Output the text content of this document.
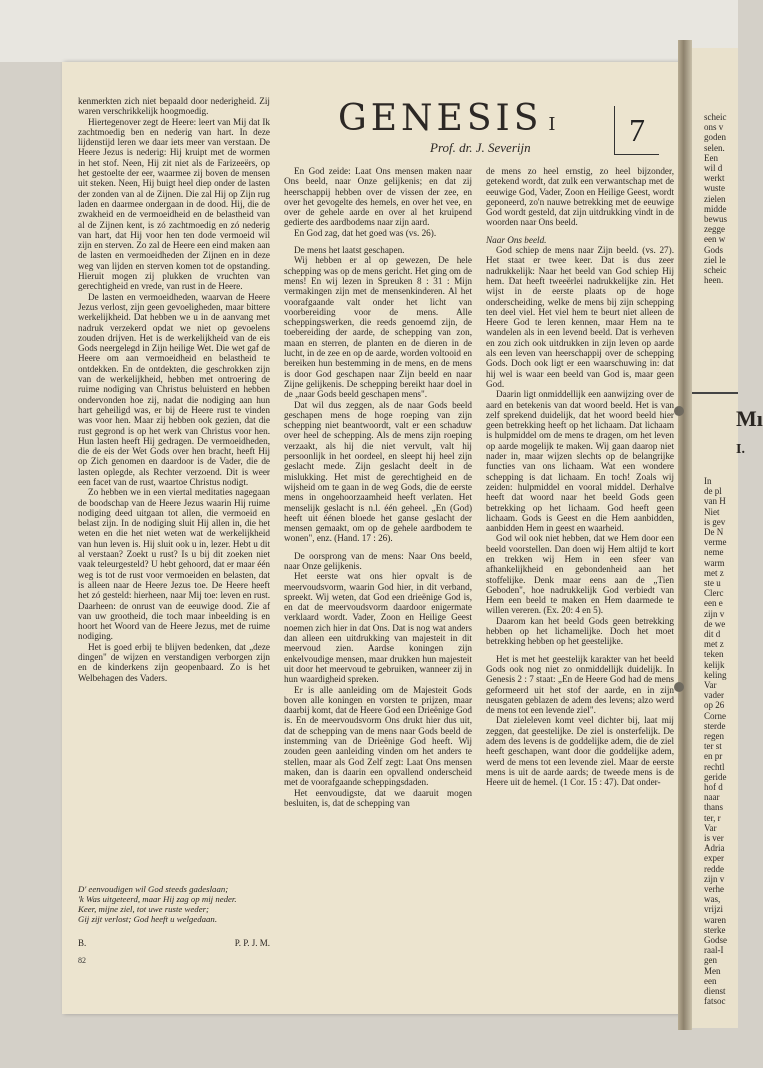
scheic
ons v
goden
selen.
Een
wil d
werkt
wuste
zielen
midde
bewus
zegge
een w
Gods
ziel le
scheic
heen.
Mı
I.
In
de pl
van H
Niet
is gev
De N
verme
neme
warm
met z
ste u
Clerc
een e
zijn v
de we
dit d
met z
teken
kelijk
keling
Var
vader
op 26
Corne
sterde
regen
ter st
en pr
rechtl
geride
hof d
naar
thans
ter, r
Var
is ver
Adria
exper
redde
zijn v
verhe
was,
vrijzi
waren
sterke
Godse
raal-I
gen
Men
een
dienst
fatsoc
GENESIS I
Prof. dr. J. Severijn	7

kenmerkten zich niet bepaald door nederigheid. Zij waren verschrikkelijk hoogmoedig.

Hiertegenover zegt de Heere: leert van Mij dat Ik zachtmoedig ben en nederig van hart. In deze lijdenstijd leren we daar iets meer van verstaan. De Heere Jezus is nederig: Hij kruipt met de wormen in het stof. Neen, Hij zit niet als de Farizeeërs, op het gestoelte der eer, waarmee zij boven de mensen uit steken. Neen, Hij buigt heel diep onder de lasten der zonden van al de Zijnen. Die zal Hij op Zijn rug laden en daarmee ondergaan in de dood. Hij, die de zwakheid en de vermoeidheid en de belastheid van al de Zijnen kent, is zó zachtmoedig en zó nederig van hart, dat Hij voor hen ten dode vermoeid wil zijn en sterven. Zo zal de Heere een eind maken aan de lasten en vermoeidheden der Zijnen en in deze weg van lijden en sterven komen tot de opstanding. Hieruit mogen zij plukken de vruchten van gerechtigheid en vrede, van rust in de Heere.

De lasten en vermoeidheden, waarvan de Heere Jezus verlost, zijn geen gevoeligheden, maar bittere werkelijkheid. Dat hebben we u in de aanvang met nadruk verzekerd opdat we niet op gevoelens zouden drijven. Het is de werkelijkheid van de eis Gods neergelegd in Zijn heilige Wet. Die wet gaf de Heere om aan vermoeidheid en belastheid te ontdekken. En de ontdekten, die geschrokken zijn van de werkelijkheid, hebben met ontroering de ruime nodiging van Christus beluisterd en hebben ondervonden hoe zij, nadat die nodiging aan hun hart geheiligd was, er bij de Heere rust te vinden was voor hen. Maar zij hebben ook gezien, dat die rust gegrond is op het werk van Christus voor hen. Hun lasten heeft Hij gedragen. De vermoeidheden, die de eis der Wet Gods over hen bracht, heeft Hij op Zich genomen en daardoor is de Vader, die de lasten oplegde, als Rechter verzoend. Dit is weer een facet van de rust, waartoe Christus nodigt.

Zo hebben we in een viertal meditaties nagegaan de boodschap van de Heere Jezus waarin Hij ruime nodiging deed uitgaan tot allen, die vermoeid en belast zijn. In de nodiging sluit Hij allen in, die het weten en die het niet weten wat de werkelijkheid van hun leven is. Hij sluit ook u in, lezer. Hebt u dit al verstaan? Zoekt u rust? Is u bij dit zoeken niet vaak teleurgesteld? U hebt gehoord, dat er maar één weg is tot de rust voor vermoeiden en belasten, dat is alleen naar de Heere Jezus toe. De Heere heeft het zó gesteld: hierheen, naar Mij toe: leven en rust. Daarheen: de onrust van de eeuwige dood. Zie af van uw grootheid, die toch maar inbeelding is en hoort het Woord van de Heere Jezus, met de ruime nodiging.

Het is goed erbij te blijven bedenken, dat „deze dingen" de wijzen en verstandigen verborgen zijn en de kinderkens zijn geopenbaard. Zo is het Welbehagen des Vaders.

D' eenvoudigen wil God steeds gadeslaan;
'k Was uitgeteerd, maar Hij zag op mij neder.
Keer, mijne ziel, tot uwe ruste weder;
Gij zijt verlost; God heeft u welgedaan.
B.	P. P. J. M.
82

En God zeide: Laat Ons mensen maken naar Ons beeld, naar Onze gelijkenis; en dat zij heerschappij hebben over de vissen der zee, en over het gevogelte des hemels, en over het vee, en over de gehele aarde en over al het kruipend gedierte des aardbodems naar zijn aard.

En God zag, dat het goed was (vs. 26).

De mens het laatst geschapen.

Wij hebben er al op gewezen, De hele schepping was op de mens gericht. Het ging om de mens! En wij lezen in Spreuken 8 : 31 : Mijn vermakingen zijn met de mensenkinderen. Al het voorafgaande valt onder het licht van voorbereiding voor de mens. Alle scheppingswerken, die reeds genoemd zijn, de toebereiding der aarde, de schepping van zon, maan en sterren, de planten en de dieren in de lucht, in de zee en op de aarde, worden voltooid en bereiken hun bestemming in de mens, en de mens is door God geschapen naar Zijn beeld en naar Zijne gelijkenis. De schepping bereikt haar doel in de „naar Gods beeld geschapen mens".

Dat wil dus zeggen, als de naar Gods beeld geschapen mens de hoge roeping van zijn schepping niet beantwoordt, valt er een schaduw over heel de schepping. Als de mens zijn roeping verzaakt, als hij die niet vervult, valt hij persoonlijk in het oordeel, en sleept hij heel zijn geslacht mede. Zijn geslacht deelt in de mislukking. Het mist de gerechtigheid en de wijsheid om te gaan in de weg Gods, die de eerste mens in ongehoorzaamheid heeft verlaten. Het menselijk geslacht is n.l. één geheel. „En (God) heeft uit éénen bloede het ganse geslacht der mensen gemaakt, om op de gehele aardbodem te wonen", enz. (Hand. 17 : 26).

De oorsprong van de mens: Naar Ons beeld, naar Onze gelijkenis.

Het eerste wat ons hier opvalt is de meervoudsvorm, waarin God hier, in dit verband, spreekt. Wij weten, dat God een drieënige God is, en dat de meervoudsvorm daardoor enigermate verklaard wordt. Vader, Zoon en Heilige Geest noemen zich hier in dat Ons. Dat is nog wat anders dan alleen een uitdrukking van majesteit in dit meervoud zien. Aardse koningen zijn enkelvoudige mensen, maar drukken hun majesteit uit door het meervoud te gebruiken, wanneer zij in hun waardigheid spreken.

Er is alle aanleiding om de Majesteit Gods boven alle koningen en vorsten te prijzen, maar daarbij komt, dat de Heere God een Drieënige God is. En de meervoudsvorm Ons drukt hier dus uit, dat de schepping van de mens naar Gods beeld de instemming van de Drieënige God heeft. Wij zouden geen aanleiding vinden om het anders te stellen, maar als God Zelf zegt: Laat Ons mensen maken, dan is daarin een opvallend onderscheid met de voorafgaande scheppingsdaden.

Het eenvoudigste, dat we daaruit mogen besluiten, is, dat de schepping van

de mens zo heel ernstig, zo heel bijzonder, getekend wordt, dat zulk een verwantschap met de eeuwige God, Vader, Zoon en Heilige Geest, wordt geponeerd, zo'n nauwe betrekking met de eeuwige God wordt gesteld, dat zijn uitdrukking vindt in de woorden naar Ons beeld.

Naar Ons beeld.

God schiep de mens naar Zijn beeld. (vs. 27). Het staat er twee keer. Dat is dus zeer nadrukkelijk: Naar het beeld van God schiep Hij hem. Dat heeft tweeërlei nadrukkelijke zin. Het wijst in de eerste plaats op de hoge onderscheiding, welke de mens bij zijn schepping ten deel viel. Het viel hem te beurt niet alleen de Heere God te leren kennen, maar Hem na te wandelen als in een levend beeld. Dat is verheven en zou zich ook uitdrukken in zijn leven op aarde als een leven van heerschappij over de schepping Gods. Doch ook ligt er een waarschuwing in: dat hij wel is waar een beeld van God is, maar geen God.

Daarin ligt onmiddellijk een aanwijzing over de aard en betekenis van dat woord beeld. Het is van zelf sprekend duidelijk, dat het woord beeld hier geen betrekking heeft op het lichaam. Dat lichaam is hulpmiddel om de mens te dragen, om het leven op aarde mogelijk te maken. Wij gaan daarop niet nader in, maar wijzen slechts op de belangrijke functies van ons lichaam. Wat een wondere schepping is dat lichaam. En toch! Zoals wij zeiden: hulpmiddel en vooral middel. Derhalve heeft dat woord naar het beeld Gods geen betrekking op het lichaam. God heeft geen lichaam. Gods is Geest en die Hem aanbidden, aanbidden Hem in geest en waarheid.

God wil ook niet hebben, dat we Hem door een beeld voorstellen. Dan doen wij Hem altijd te kort en trekken wij Hem in een sfeer van afhankelijkheid en gebondenheid aan het stoffelijke. Denk maar eens aan de „Tien Geboden", hoe nadrukkelijk God verbiedt van Hem een beeld te maken en Hem daarmede te willen vereren. (Ex. 20: 4 en 5).

Daarom kan het beeld Gods geen betrekking hebben op het lichamelijke. Doch het moet betrekking hebben op het geestelijke.

Het is met het geestelijk karakter van het beeld Gods ook nog niet zo onmiddellijk duidelijk. In Genesis 2 : 7 staat: „En de Heere God had de mens geformeerd uit het stof der aarde, en in zijn neusgaten geblazen de adem des levens; alzo werd de mens tot een levende ziel".

Dat zieleleven komt veel dichter bij, laat mij zeggen, dat geestelijke. De ziel is onsterfelijk. De adem des levens is de goddelijke adem, die de ziel heeft geschapen, want door die goddelijke adem, werd de mens tot een levende ziel. Maar de eerste mens is uit de aarde aards; de tweede mens is de Heere uit de hemel. (1 Cor. 15 : 47). Dat onder-
